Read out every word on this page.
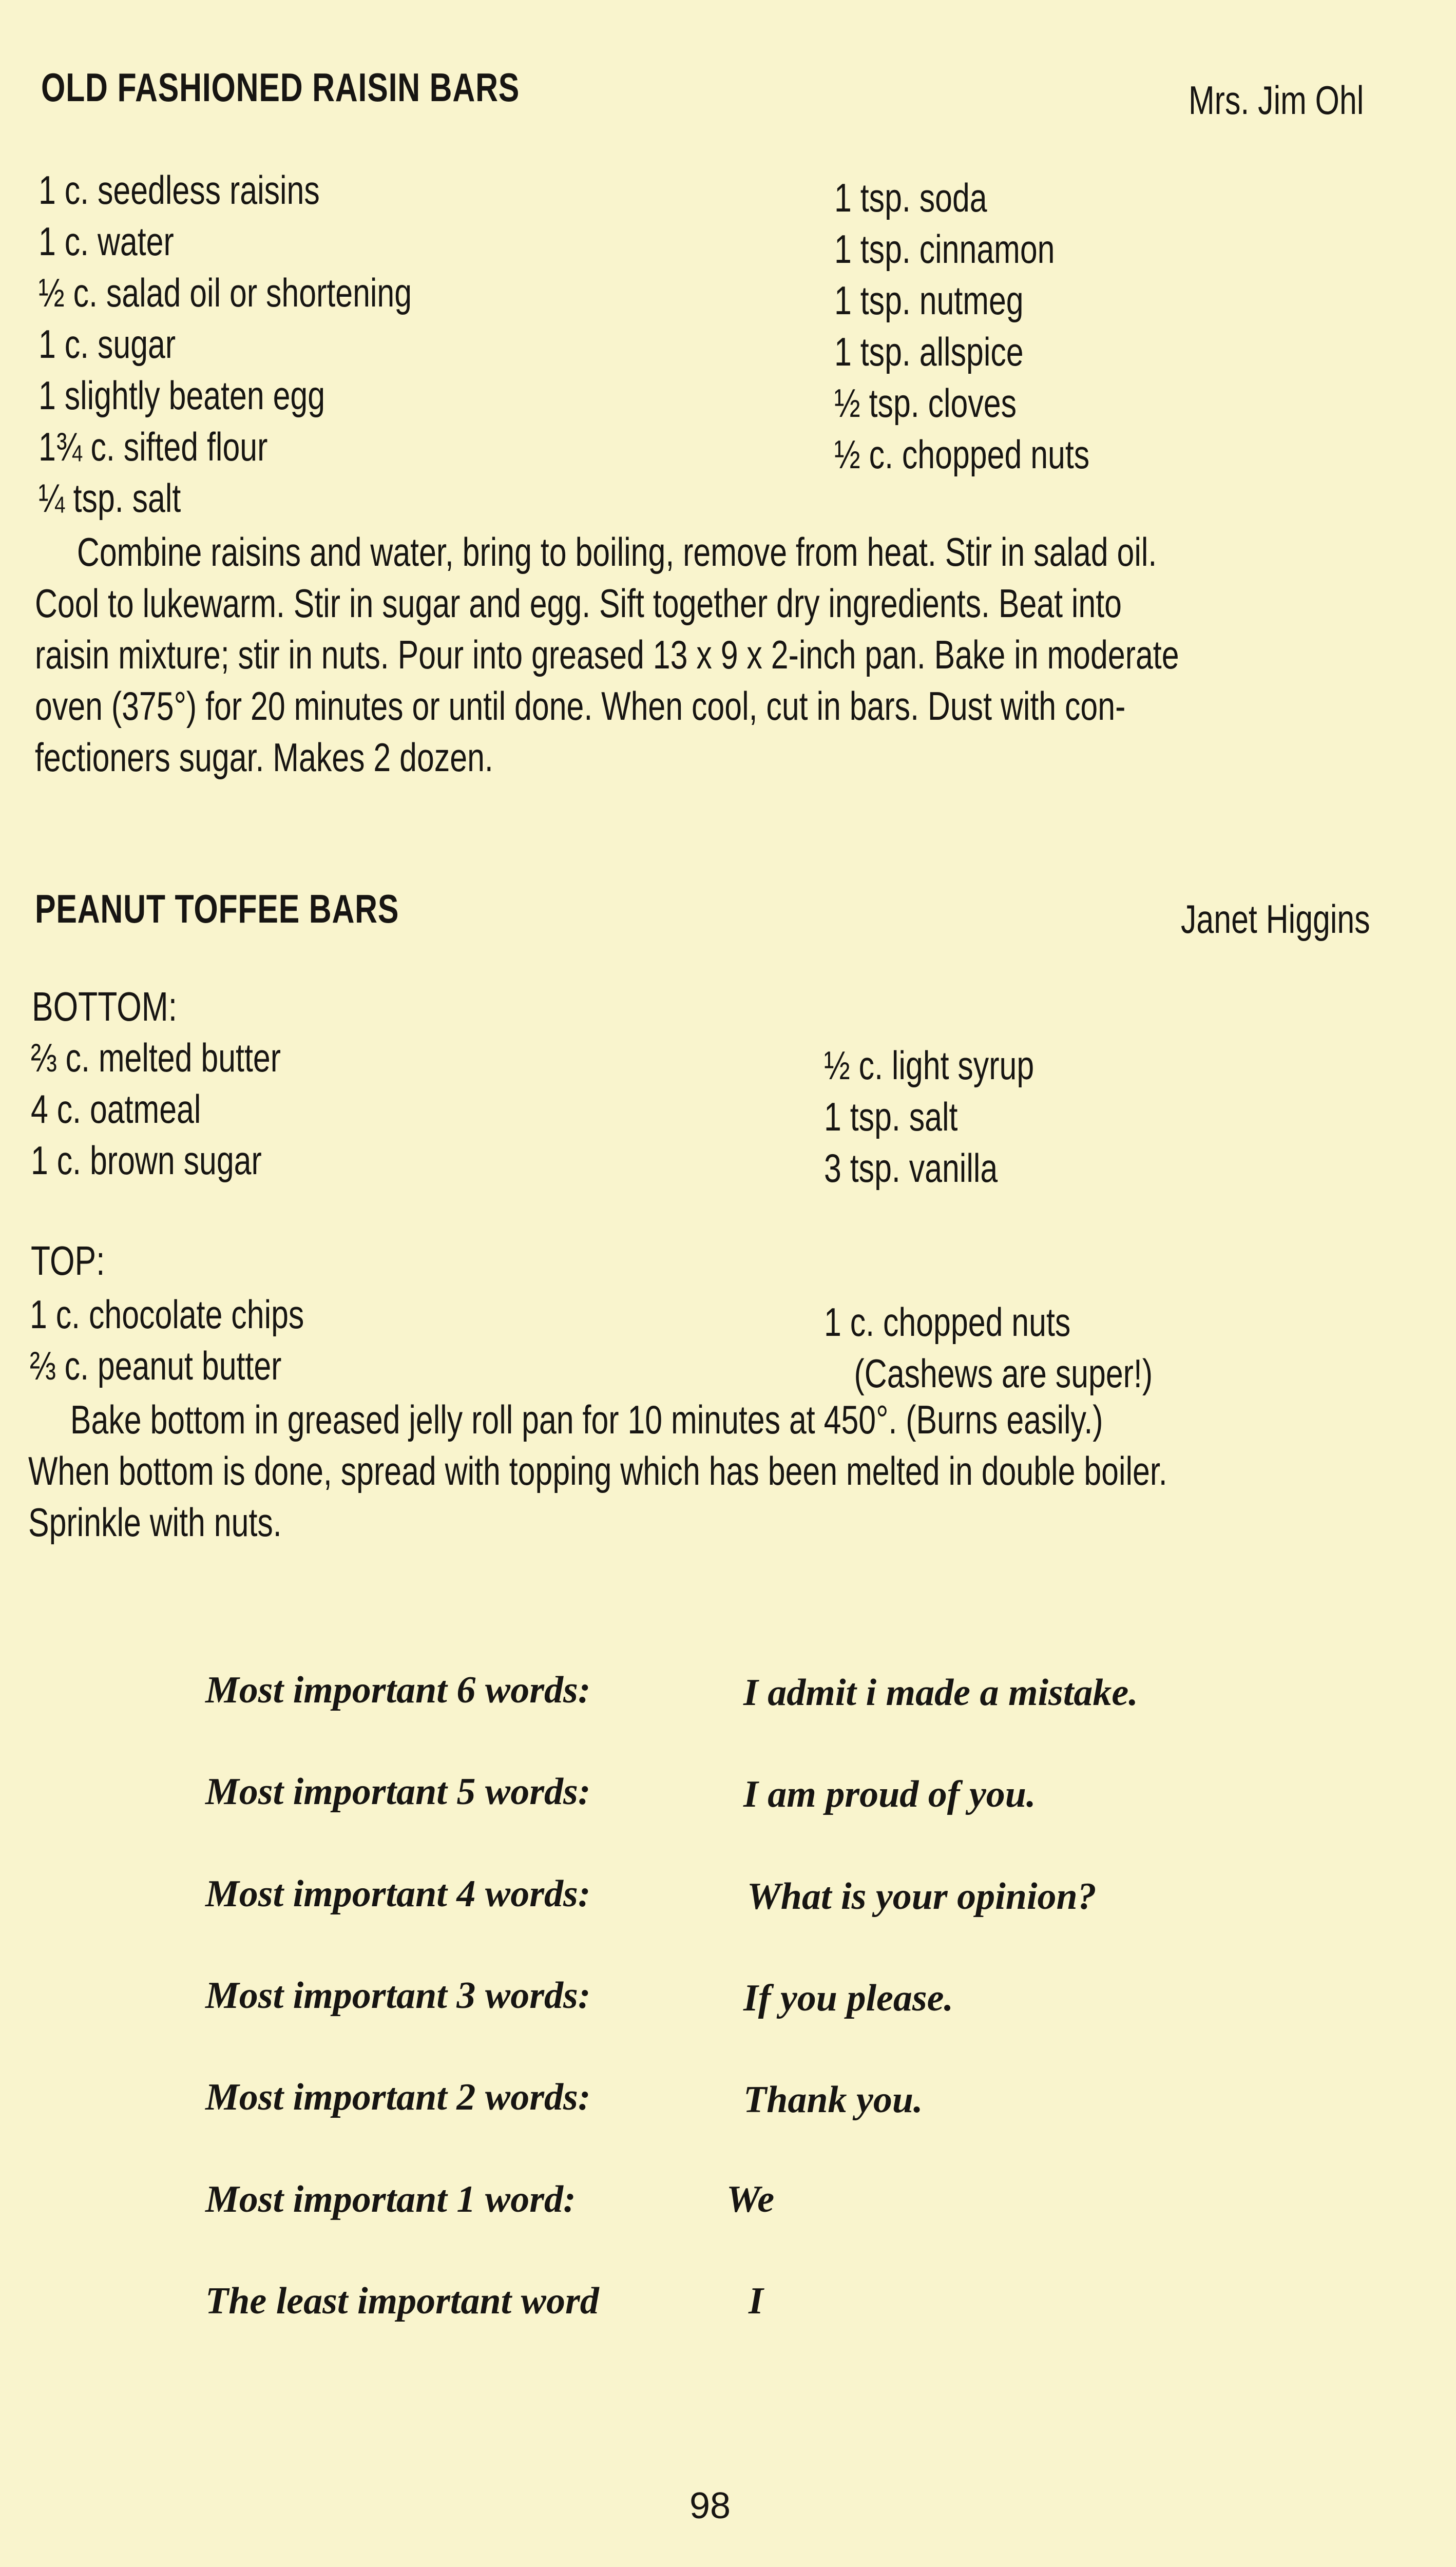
OLD FASHIONED RAISIN BARS	Mrs. Jim Ohl
1 c. seedless raisins
1 c. water
½ c. salad oil or shortening
1 c. sugar
1 slightly beaten egg
1¾ c. sifted flour
¼ tsp. salt
1 tsp. soda
1 tsp. cinnamon
1 tsp. nutmeg
1 tsp. allspice
½ tsp. cloves
½ c. chopped nuts

Combine raisins and water, bring to boiling, remove from heat. Stir in salad oil.

Cool to lukewarm. Stir in sugar and egg. Sift together dry ingredients. Beat into

raisin mixture; stir in nuts. Pour into greased 13 x 9 x 2-inch pan. Bake in moderate

oven (375°) for 20 minutes or until done. When cool, cut in bars. Dust with con-

fectioners sugar. Makes 2 dozen.

PEANUT TOFFEE BARS	Janet Higgins
BOTTOM:
⅔ c. melted butter
4 c. oatmeal
1 c. brown sugar
½ c. light syrup
1 tsp. salt
3 tsp. vanilla
TOP:
1 c. chocolate chips
⅔ c. peanut butter
1 c. chopped nuts
(Cashews are super!)

Bake bottom in greased jelly roll pan for 10 minutes at 450°. (Burns easily.)

When bottom is done, spread with topping which has been melted in double boiler.

Sprinkle with nuts.

Most important 6 words:	I admit i made a mistake.
Most important 5 words:	I am proud of you.
Most important 4 words:	What is your opinion?
Most important 3 words:	If you please.
Most important 2 words:	Thank you.
Most important 1 word:	We
The least important word	I
98
